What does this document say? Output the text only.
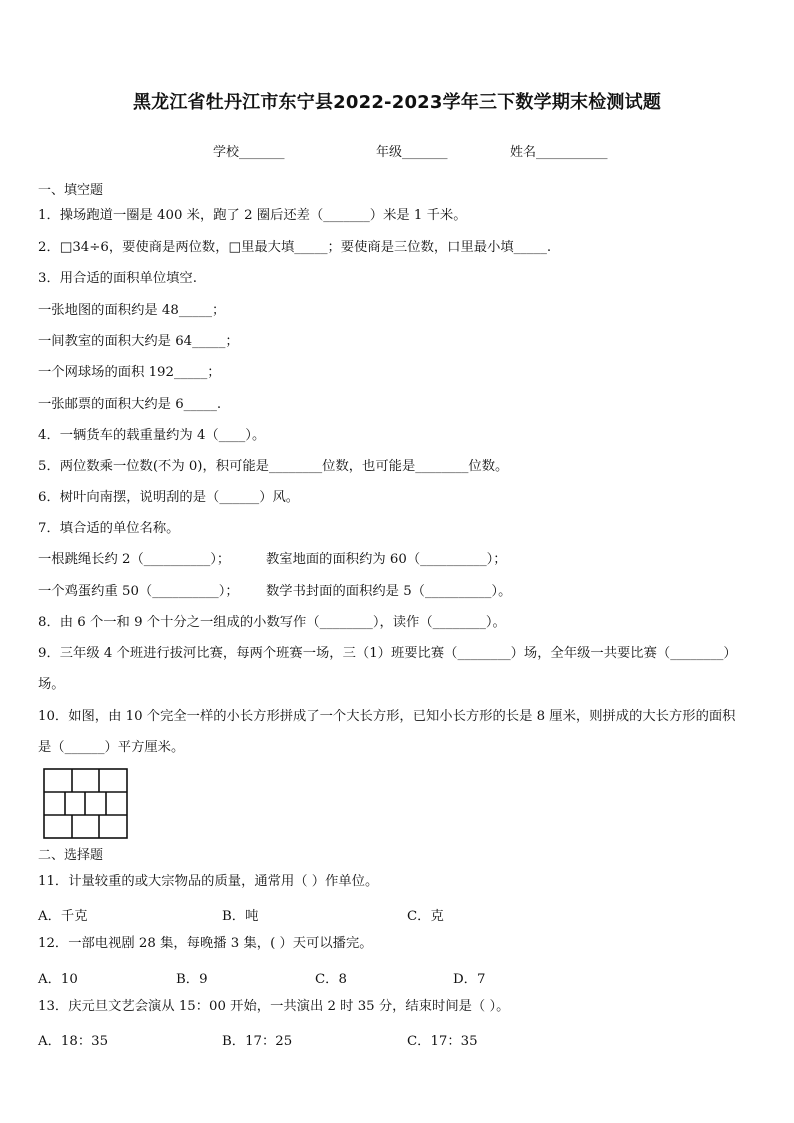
黑龙江省牡丹江市东宁县2022-2023学年三下数学期末检测试题
学校_______	年级_______	姓名___________
一、填空题
1．操场跑道一圈是 400 米，跑了 2 圈后还差（_______）米是 1 千米。
2．□34÷6，要使商是两位数，□里最大填_____；要使商是三位数，口里最小填_____.
3．用合适的面积单位填空.
一张地图的面积约是 48_____；
一间教室的面积大约是 64_____；
一个网球场的面积 192_____；
一张邮票的面积大约是 6_____.
4．一辆货车的载重量约为 4（____）。
5．两位数乘一位数(不为 0)，积可能是________位数，也可能是________位数。
6．树叶向南摆，说明刮的是（______）风。
7．填合适的单位名称。
一根跳绳长约 2（__________）；	教室地面的面积约为 60（__________）；
一个鸡蛋约重 50（__________）； 数学书封面的面积约是 5（__________）。
8．由 6 个一和 9 个十分之一组成的小数写作（________），读作（________）。
9．三年级 4 个班进行拔河比赛，每两个班赛一场，三（1）班要比赛（________）场，全年级一共要比赛（________）
场。
10．如图，由 10 个完全一样的小长方形拼成了一个大长方形，已知小长方形的长是 8 厘米，则拼成的大长方形的面积
是（______）平方厘米。
二、选择题
11．计量较重的或大宗物品的质量，通常用（ ）作单位。
A．千克	B．吨	C．克
12．一部电视剧 28 集，每晚播 3 集，( ）天可以播完。
A．10	B．9	C．8	D．7
13．庆元旦文艺会演从 15：00 开始，一共演出 2 时 35 分，结束时间是（ ）。
A．18：35	B．17：25	C．17：35
